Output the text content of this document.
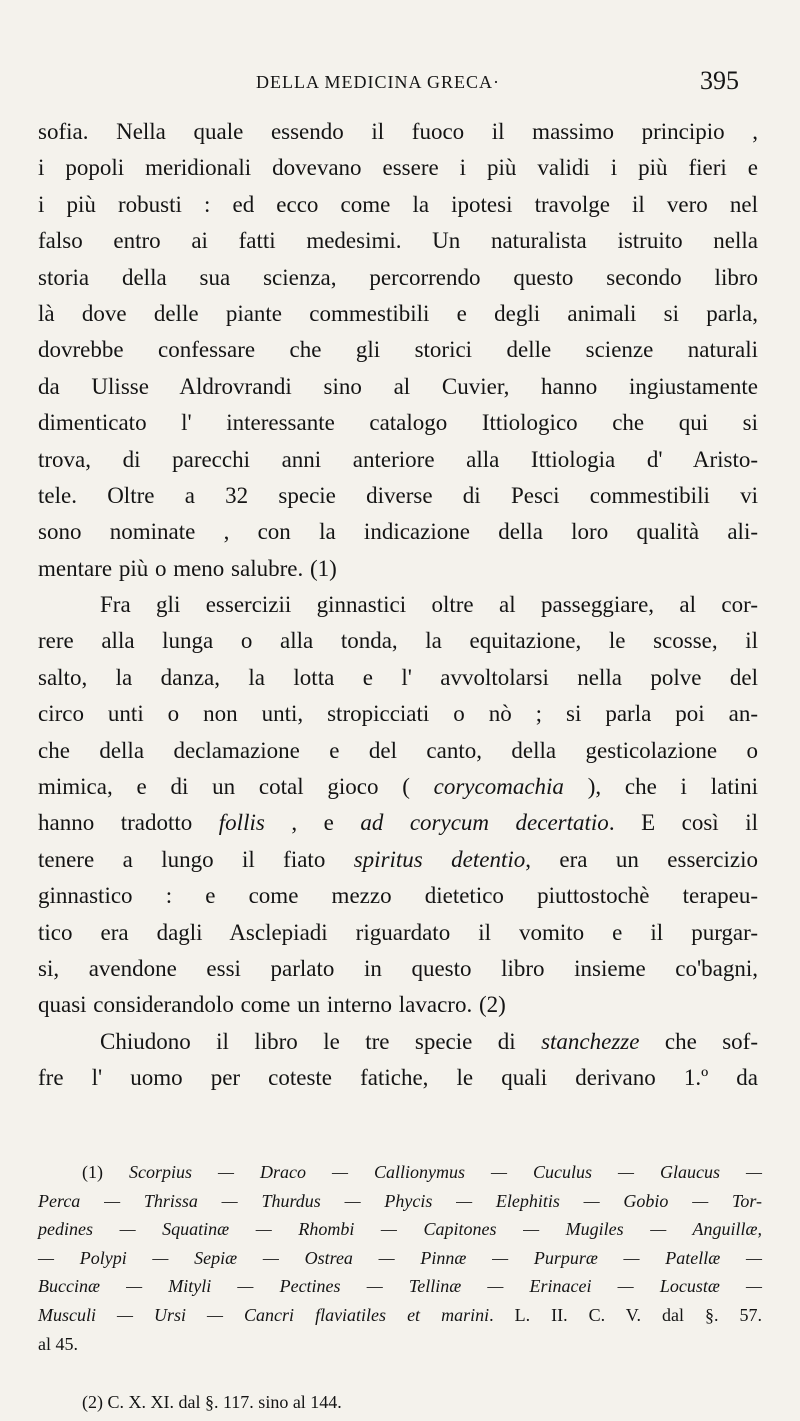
DELLA MEDICINA GRECA·	395
sofia. Nella quale essendo il fuoco il massimo principio ,
i popoli meridionali dovevano essere i più validi i più fieri e
i più robusti : ed ecco come la ipotesi travolge il vero nel
falso entro ai fatti medesimi. Un naturalista istruito nella
storia della sua scienza, percorrendo questo secondo libro
là dove delle piante commestibili e degli animali si parla,
dovrebbe confessare che gli storici delle scienze naturali
da Ulisse Aldrovrandi sino al Cuvier, hanno ingiustamente
dimenticato l' interessante catalogo Ittiologico che qui si
trova, di parecchi anni anteriore alla Ittiologia d' Aristo-
tele. Oltre a 32 specie diverse di Pesci commestibili vi
sono nominate , con la indicazione della loro qualità ali-
mentare più o meno salubre. (1)
Fra gli essercizii ginnastici oltre al passeggiare, al cor-
rere alla lunga o alla tonda, la equitazione, le scosse, il
salto, la danza, la lotta e l' avvoltolarsi nella polve del
circo unti o non unti, stropicciati o nò ; si parla poi an-
che della declamazione e del canto, della gesticolazione o
mimica, e di un cotal gioco ( corycomachia ), che i latini
hanno tradotto follis , e ad corycum decertatio. E così il
tenere a lungo il fiato spiritus detentio, era un essercizio
ginnastico : e come mezzo dietetico piuttostochè terapeu-
tico era dagli Asclepiadi riguardato il vomito e il purgar-
si, avendone essi parlato in questo libro insieme co'bagni,
quasi considerandolo come un interno lavacro. (2)
Chiudono il libro le tre specie di stanchezze che sof-
fre l' uomo per coteste fatiche, le quali derivano 1.º da
(1) Scorpius — Draco — Callionymus — Cuculus — Glaucus —
Perca — Thrissa — Thurdus — Phycis — Elephitis — Gobio — Tor-
pedines — Squatinæ — Rhombi — Capitones — Mugiles — Anguillæ,
— Polypi — Sepiæ — Ostrea — Pinnæ — Purpuræ — Patellæ —
Buccinæ — Mityli — Pectines — Tellinæ — Erinacei — Locustæ —
Musculi — Ursi — Cancri flaviatiles et marini. L. II. C. V. dal §. 57.
al 45.
(2) C. X. XI. dal §. 117. sino al 144.
